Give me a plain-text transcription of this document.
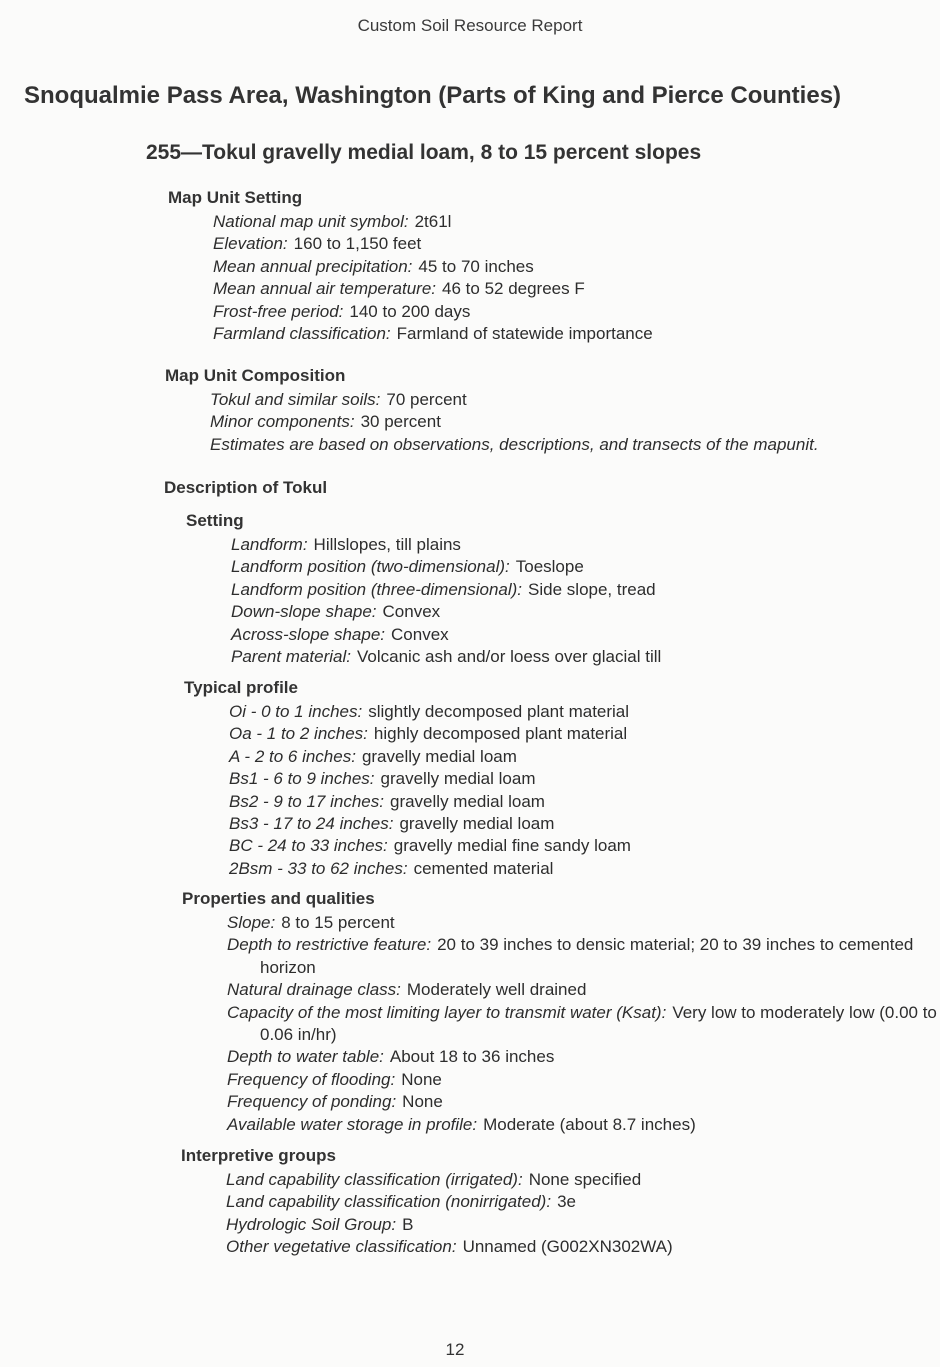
Custom Soil Resource Report
Snoqualmie Pass Area, Washington (Parts of King and Pierce Counties)
255—Tokul gravelly medial loam, 8 to 15 percent slopes
Map Unit Setting
National map unit symbol: 2t61l
Elevation: 160 to 1,150 feet
Mean annual precipitation: 45 to 70 inches
Mean annual air temperature: 46 to 52 degrees F
Frost-free period: 140 to 200 days
Farmland classification: Farmland of statewide importance
Map Unit Composition
Tokul and similar soils: 70 percent
Minor components: 30 percent
Estimates are based on observations, descriptions, and transects of the mapunit.
Description of Tokul
Setting
Landform: Hillslopes, till plains
Landform position (two-dimensional): Toeslope
Landform position (three-dimensional): Side slope, tread
Down-slope shape: Convex
Across-slope shape: Convex
Parent material: Volcanic ash and/or loess over glacial till
Typical profile
Oi - 0 to 1 inches: slightly decomposed plant material
Oa - 1 to 2 inches: highly decomposed plant material
A - 2 to 6 inches: gravelly medial loam
Bs1 - 6 to 9 inches: gravelly medial loam
Bs2 - 9 to 17 inches: gravelly medial loam
Bs3 - 17 to 24 inches: gravelly medial loam
BC - 24 to 33 inches: gravelly medial fine sandy loam
2Bsm - 33 to 62 inches: cemented material
Properties and qualities
Slope: 8 to 15 percent
Depth to restrictive feature: 20 to 39 inches to densic material; 20 to 39 inches to cemented horizon
Natural drainage class: Moderately well drained
Capacity of the most limiting layer to transmit water (Ksat): Very low to moderately low (0.00 to 0.06 in/hr)
Depth to water table: About 18 to 36 inches
Frequency of flooding: None
Frequency of ponding: None
Available water storage in profile: Moderate (about 8.7 inches)
Interpretive groups
Land capability classification (irrigated): None specified
Land capability classification (nonirrigated): 3e
Hydrologic Soil Group: B
Other vegetative classification: Unnamed (G002XN302WA)
12
